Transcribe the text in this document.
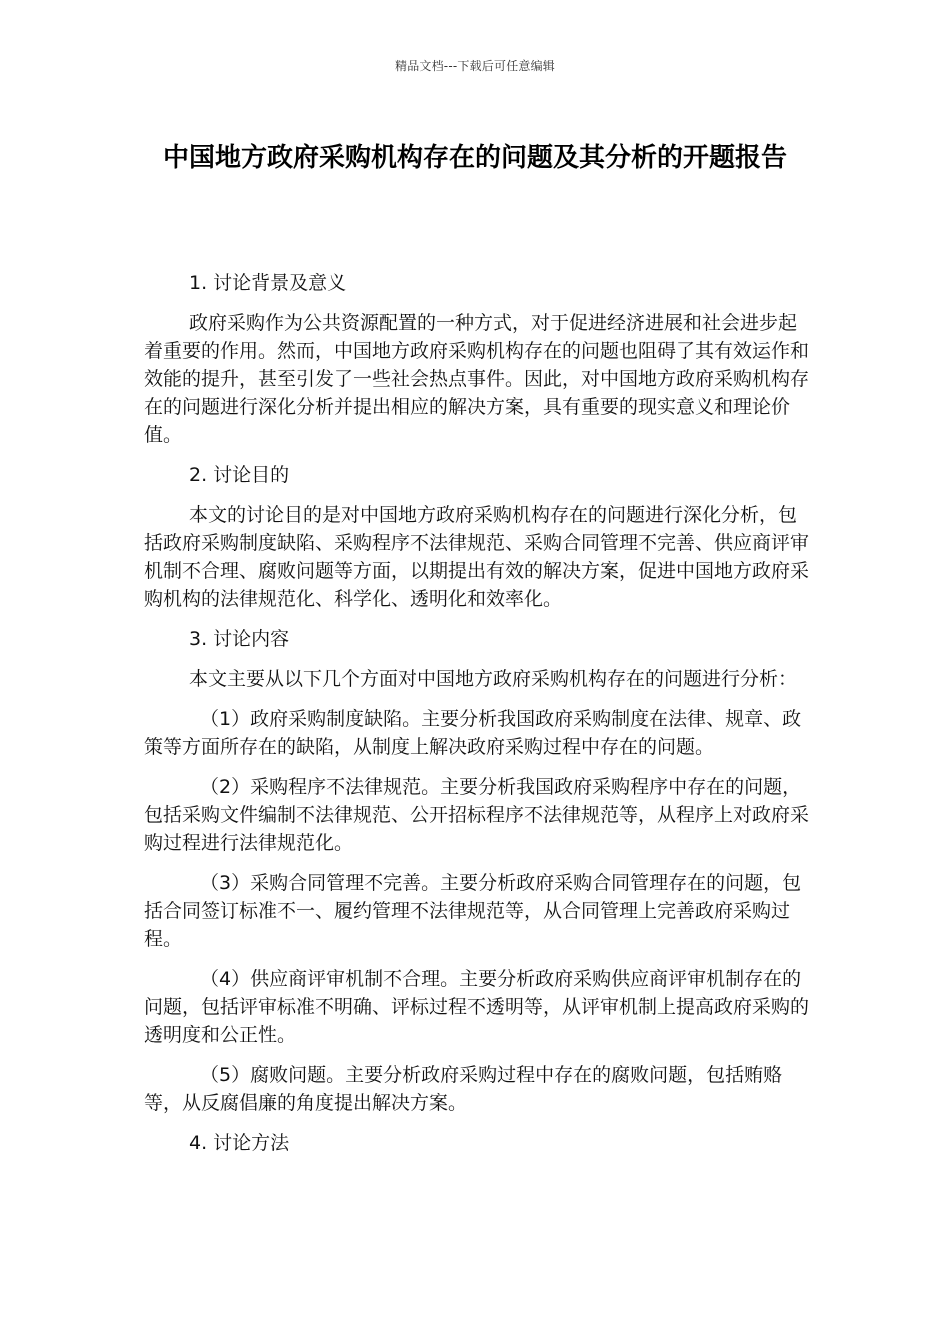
精品文档---下载后可任意编辑
中国地方政府采购机构存在的问题及其分析的开题报告

1. 讨论背景及意义

政府采购作为公共资源配置的一种方式，对于促进经济进展和社会进步起着重要的作用。然而，中国地方政府采购机构存在的问题也阻碍了其有效运作和效能的提升，甚至引发了一些社会热点事件。因此，对中国地方政府采购机构存在的问题进行深化分析并提出相应的解决方案，具有重要的现实意义和理论价值。

2. 讨论目的

本文的讨论目的是对中国地方政府采购机构存在的问题进行深化分析，包括政府采购制度缺陷、采购程序不法律规范、采购合同管理不完善、供应商评审机制不合理、腐败问题等方面，以期提出有效的解决方案，促进中国地方政府采购机构的法律规范化、科学化、透明化和效率化。

3. 讨论内容

本文主要从以下几个方面对中国地方政府采购机构存在的问题进行分析：

（1）政府采购制度缺陷。主要分析我国政府采购制度在法律、规章、政策等方面所存在的缺陷，从制度上解决政府采购过程中存在的问题。

（2）采购程序不法律规范。主要分析我国政府采购程序中存在的问题，包括采购文件编制不法律规范、公开招标程序不法律规范等，从程序上对政府采购过程进行法律规范化。

（3）采购合同管理不完善。主要分析政府采购合同管理存在的问题，包括合同签订标准不一、履约管理不法律规范等，从合同管理上完善政府采购过程。

（4）供应商评审机制不合理。主要分析政府采购供应商评审机制存在的问题，包括评审标准不明确、评标过程不透明等，从评审机制上提高政府采购的透明度和公正性。

（5）腐败问题。主要分析政府采购过程中存在的腐败问题，包括贿赂等，从反腐倡廉的角度提出解决方案。

4. 讨论方法
